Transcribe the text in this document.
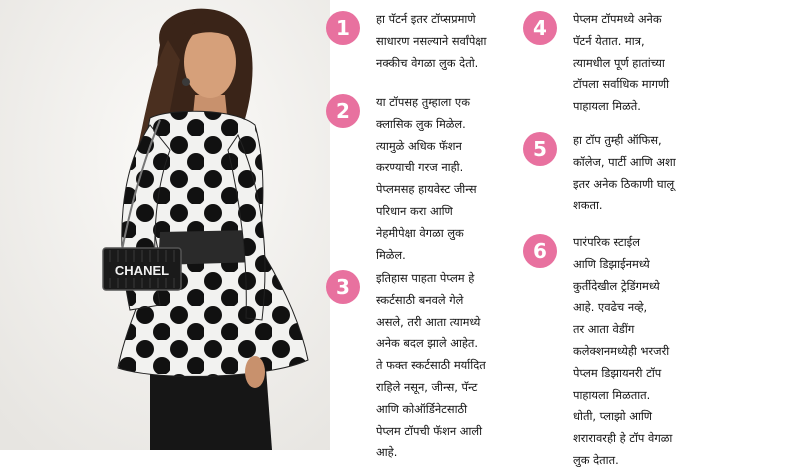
CHANEL
1	हा पॅटर्न इतर टॉप्सप्रमाणे
साधारण नसल्याने सर्वांपेक्षा
नक्कीच वेगळा लुक देतो.
2	या टॉपसह तुम्हाला एक
क्लासिक लुक मिळेल.
त्यामुळे अधिक फॅशन
करण्याची गरज नाही.
पेप्लमसह हायवेस्ट जीन्स
परिधान करा आणि
नेहमीपेक्षा वेगळा लुक
मिळेल.
3	इतिहास पाहता पेप्लम हे
स्कर्टसाठी बनवले गेले
असले, तरी आता त्यामध्ये
अनेक बदल झाले आहेत.
ते फक्त स्कर्टसाठी मर्यादित
राहिले नसून, जीन्स, पॅन्ट
आणि कोऑर्डिनेटसाठी
पेप्लम टॉपची फॅशन आली
आहे.
4	पेप्लम टॉपमध्ये अनेक
पॅटर्न येतात. मात्र,
त्यामधील पूर्ण हातांच्या
टॉपला सर्वाधिक मागणी
पाहायला मिळते.
5	हा टॉप तुम्ही ऑफिस,
कॉलेज, पार्टी आणि अशा
इतर अनेक ठिकाणी घालू
शकता.
6	पारंपरिक स्टाईल
आणि डिझाईनमध्ये
कुर्तीदेखील ट्रेडिंगमध्ये
आहे. एवढेच नव्हे,
तर आता वेडींग
कलेक्शनमध्येही भरजरी
पेप्लम डिझायनरी टॉप
पाहायला मिळतात.
धोती, प्लाझो आणि
शरारावरही हे टॉप वेगळा
लुक देतात.
